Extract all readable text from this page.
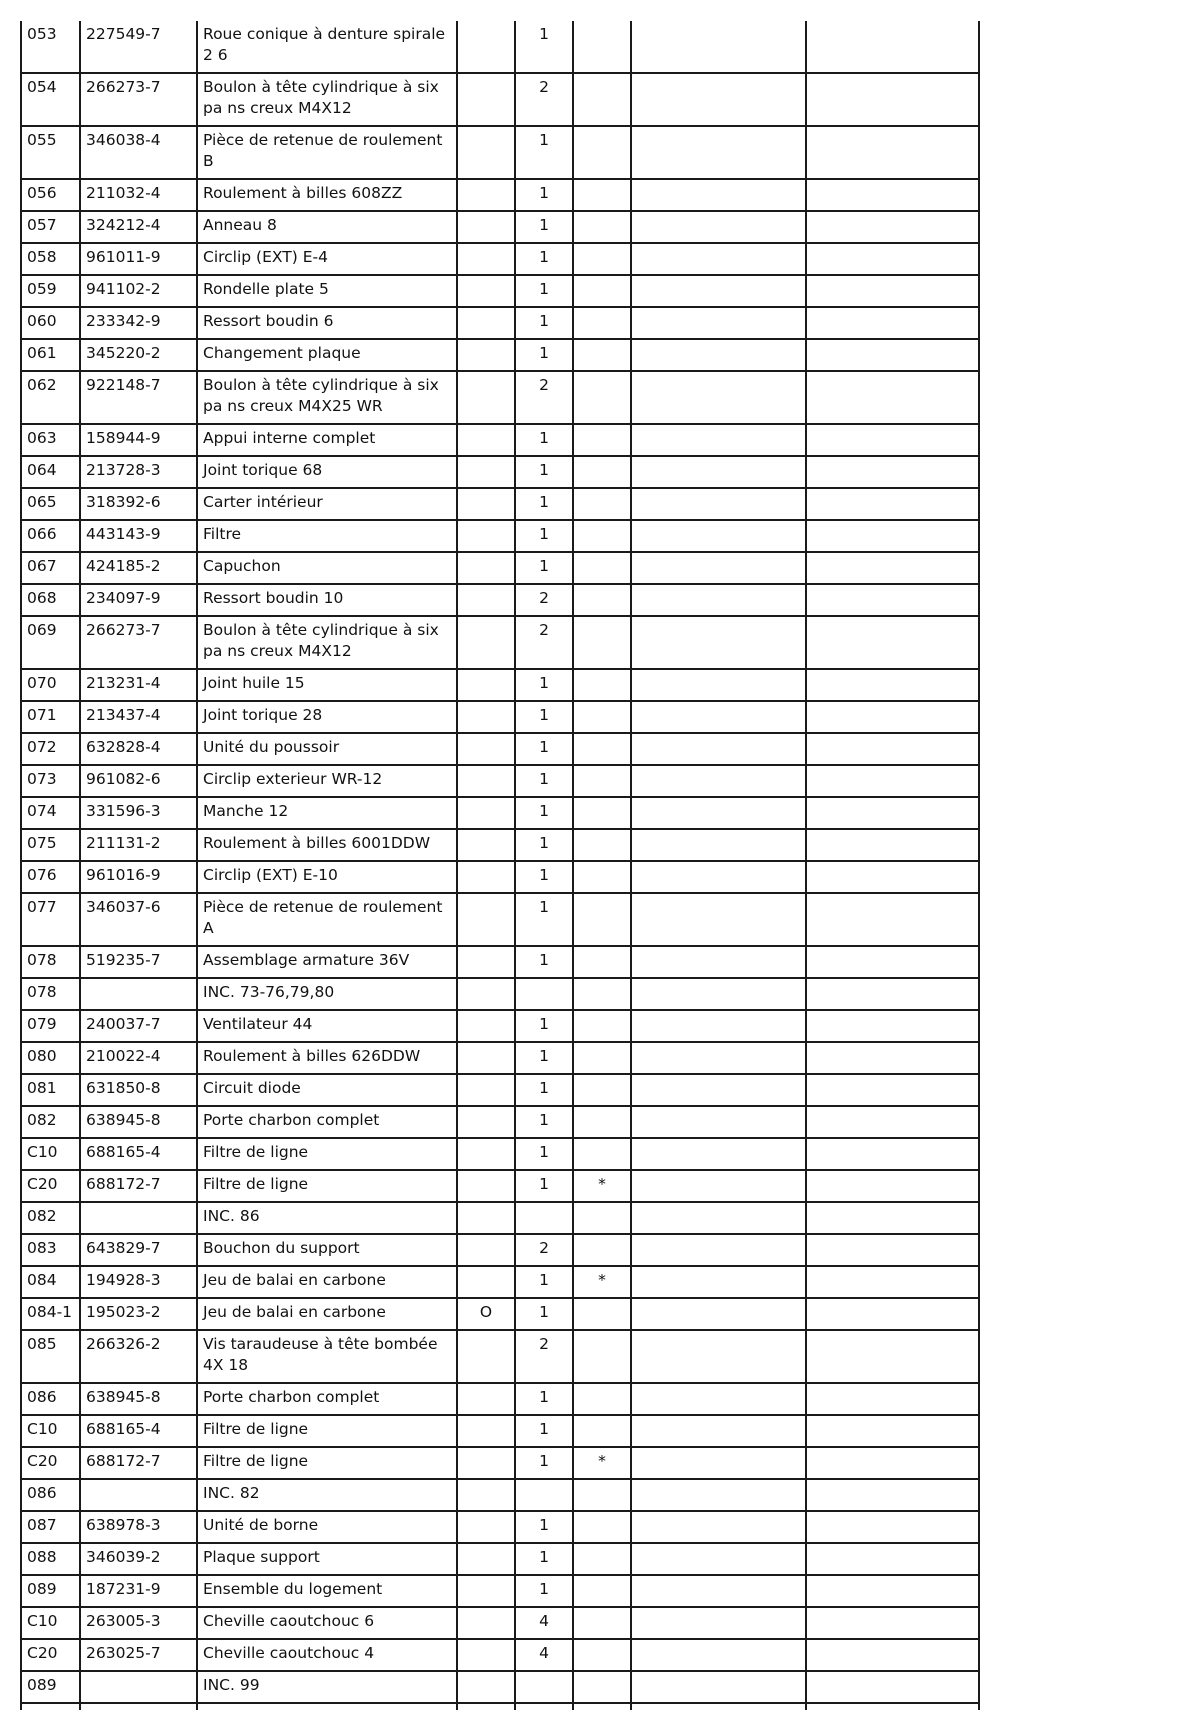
053	227549-7	Roue conique à denture spirale 2 6		1			
054	266273-7	Boulon à tête cylindrique à six pa ns creux M4X12		2			
055	346038-4	Pièce de retenue de roulement B		1			
056	211032-4	Roulement à billes 608ZZ		1			
057	324212-4	Anneau 8		1			
058	961011-9	Circlip (EXT) E-4		1			
059	941102-2	Rondelle plate 5		1			
060	233342-9	Ressort boudin 6		1			
061	345220-2	Changement plaque		1			
062	922148-7	Boulon à tête cylindrique à six pa ns creux M4X25 WR		2			
063	158944-9	Appui interne complet		1			
064	213728-3	Joint torique 68		1			
065	318392-6	Carter intérieur		1			
066	443143-9	Filtre		1			
067	424185-2	Capuchon		1			
068	234097-9	Ressort boudin 10		2			
069	266273-7	Boulon à tête cylindrique à six pa ns creux M4X12		2			
070	213231-4	Joint huile 15		1			
071	213437-4	Joint torique 28		1			
072	632828-4	Unité du poussoir		1			
073	961082-6	Circlip exterieur WR-12		1			
074	331596-3	Manche 12		1			
075	211131-2	Roulement à billes 6001DDW		1			
076	961016-9	Circlip (EXT) E-10		1			
077	346037-6	Pièce de retenue de roulement A		1			
078	519235-7	Assemblage armature 36V		1			
078		INC. 73-76,79,80					
079	240037-7	Ventilateur 44		1			
080	210022-4	Roulement à billes 626DDW		1			
081	631850-8	Circuit diode		1			
082	638945-8	Porte charbon complet		1			
C10	688165-4	Filtre de ligne		1			
C20	688172-7	Filtre de ligne		1	*		
082		INC. 86					
083	643829-7	Bouchon du support		2			
084	194928-3	Jeu de balai en carbone		1	*		
084-1	195023-2	Jeu de balai en carbone	O	1			
085	266326-2	Vis taraudeuse à tête bombée 4X 18		2			
086	638945-8	Porte charbon complet		1			
C10	688165-4	Filtre de ligne		1			
C20	688172-7	Filtre de ligne		1	*		
086		INC. 82					
087	638978-3	Unité de borne		1			
088	346039-2	Plaque support		1			
089	187231-9	Ensemble du logement		1			
C10	263005-3	Cheville caoutchouc 6		4			
C20	263025-7	Cheville caoutchouc 4		4			
089		INC. 99					
